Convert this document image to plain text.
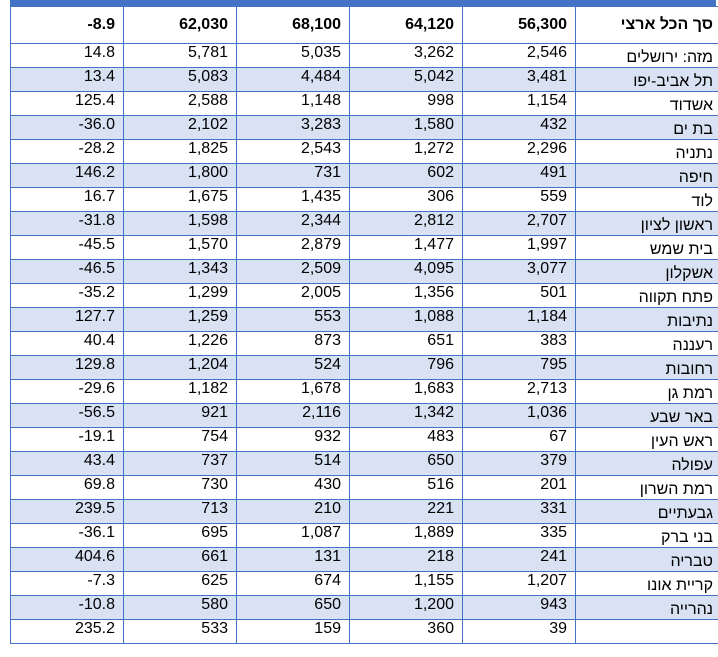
-8.9	62,030	68,100	64,120	56,300	סך הכל ארצי
14.8	5,781	5,035	3,262	2,546	מזה: ירושלים
13.4	5,083	4,484	5,042	3,481	תל אביב-יפו
125.4	2,588	1,148	998	1,154	אשדוד
-36.0	2,102	3,283	1,580	432	בת ים
-28.2	1,825	2,543	1,272	2,296	נתניה
146.2	1,800	731	602	491	חיפה
16.7	1,675	1,435	306	559	לוד
-31.8	1,598	2,344	2,812	2,707	ראשון לציון
-45.5	1,570	2,879	1,477	1,997	בית שמש
-46.5	1,343	2,509	4,095	3,077	אשקלון
-35.2	1,299	2,005	1,356	501	פתח תקווה
127.7	1,259	553	1,088	1,184	נתיבות
40.4	1,226	873	651	383	רעננה
129.8	1,204	524	796	795	רחובות
-29.6	1,182	1,678	1,683	2,713	רמת גן
-56.5	921	2,116	1,342	1,036	באר שבע
-19.1	754	932	483	67	ראש העין
43.4	737	514	650	379	עפולה
69.8	730	430	516	201	רמת השרון
239.5	713	210	221	331	גבעתיים
-36.1	695	1,087	1,889	335	בני ברק
404.6	661	131	218	241	טבריה
-7.3	625	674	1,155	1,207	קריית אונו
-10.8	580	650	1,200	943	נהרייה
235.2	533	159	360	39	
